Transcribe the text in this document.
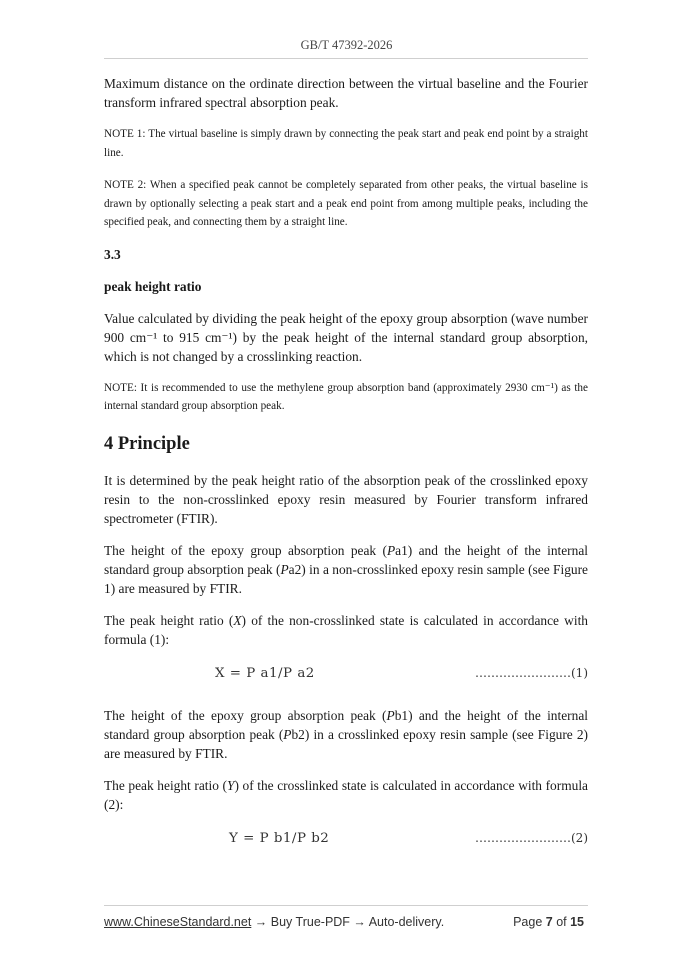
GB/T 47392-2026

Maximum distance on the ordinate direction between the virtual baseline and the Fourier transform infrared spectral absorption peak.

NOTE 1: The virtual baseline is simply drawn by connecting the peak start and peak end point by a straight line.

NOTE 2: When a specified peak cannot be completely separated from other peaks, the virtual baseline is drawn by optionally selecting a peak start and a peak end point from among multiple peaks, including the specified peak, and connecting them by a straight line.

3.3

peak height ratio

Value calculated by dividing the peak height of the epoxy group absorption (wave number 900 cm⁻¹ to 915 cm⁻¹) by the peak height of the internal standard group absorption, which is not changed by a crosslinking reaction.

NOTE: It is recommended to use the methylene group absorption band (approximately 2930 cm⁻¹) as the internal standard group absorption peak.

4 Principle

It is determined by the peak height ratio of the absorption peak of the crosslinked epoxy resin to the non-crosslinked epoxy resin measured by Fourier transform infrared spectrometer (FTIR).

The height of the epoxy group absorption peak (Pa1) and the height of the internal standard group absorption peak (Pa2) in a non-crosslinked epoxy resin sample (see Figure 1) are measured by FTIR.

The peak height ratio (X) of the non-crosslinked state is calculated in accordance with formula (1):

X = P a1/P a2	……………………(1)

The height of the epoxy group absorption peak (Pb1) and the height of the internal standard group absorption peak (Pb2) in a crosslinked epoxy resin sample (see Figure 2) are measured by FTIR.

The peak height ratio (Y) of the crosslinked state is calculated in accordance with formula (2):

Y = P b1/P b2	……………………(2)
www.ChineseStandard.net → Buy True-PDF → Auto-delivery.	Page 7 of 15
